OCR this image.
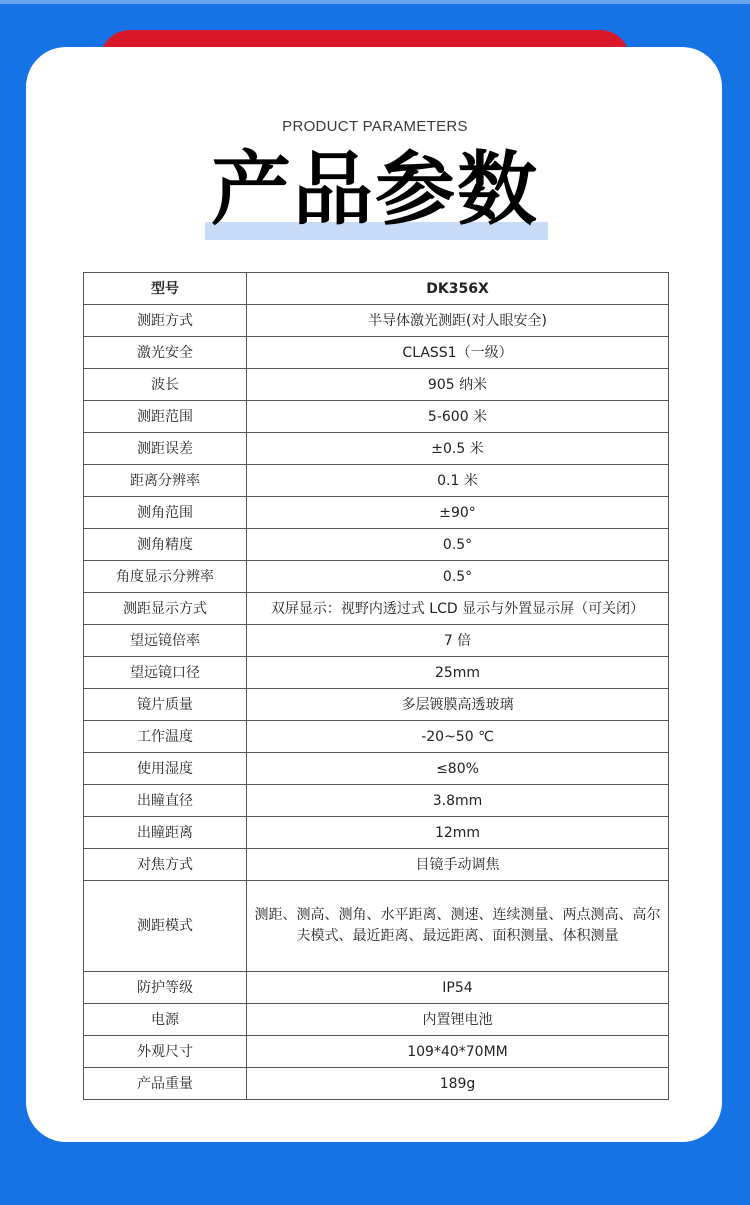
PRODUCT PARAMETERS
产品参数
型号	DK356X
测距方式	半导体激光测距(对人眼安全)
激光安全	CLASS1（一级）
波长	905 纳米
测距范围	5-600 米
测距误差	±0.5 米
距离分辨率	0.1 米
测角范围	±90°
测角精度	0.5°
角度显示分辨率	0.5°
测距显示方式	双屏显示：视野内透过式 LCD 显示与外置显示屏（可关闭）
望远镜倍率	7 倍
望远镜口径	25mm
镜片质量	多层镀膜高透玻璃
工作温度	-20~50 ℃
使用湿度	≤80%
出瞳直径	3.8mm
出瞳距离	12mm
对焦方式	目镜手动调焦
测距模式	测距、测高、测角、水平距离、测速、连续测量、两点测高、高尔夫模式、最近距离、最远距离、面积测量、体积测量
防护等级	IP54
电源	内置锂电池
外观尺寸	109*40*70MM
产品重量	189g
